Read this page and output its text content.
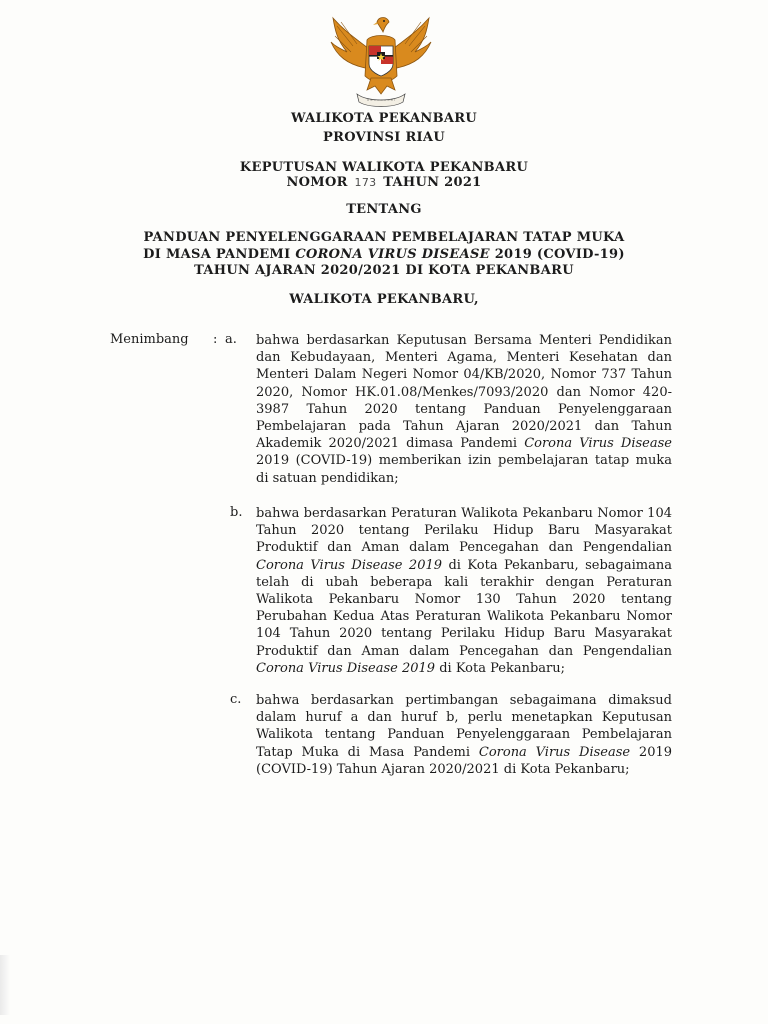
WALIKOTA PEKANBARU
PROVINSI RIAU
KEPUTUSAN WALIKOTA PEKANBARU
NOMOR 173 TAHUN 2021
TENTANG
PANDUAN PENYELENGGARAAN PEMBELAJARAN TATAP MUKA
DI MASA PANDEMI CORONA VIRUS DISEASE 2019 (COVID-19)
TAHUN AJARAN 2020/2021 DI KOTA PEKANBARU
WALIKOTA PEKANBARU,
Menimbang : a. bahwa berdasarkan Keputusan Bersama Menteri Pendidikan dan Kebudayaan, Menteri Agama, Menteri Kesehatan dan Menteri Dalam Negeri Nomor 04/KB/2020, Nomor 737 Tahun 2020, Nomor HK.01.08/Menkes/7093/2020 dan Nomor 420-3987 Tahun 2020 tentang Panduan Penyelenggaraan Pembelajaran pada Tahun Ajaran 2020/2021 dan Tahun Akademik 2020/2021 dimasa Pandemi Corona Virus Disease 2019 (COVID-19) memberikan izin pembelajaran tatap muka di satuan pendidikan;
b. bahwa berdasarkan Peraturan Walikota Pekanbaru Nomor 104 Tahun 2020 tentang Perilaku Hidup Baru Masyarakat Produktif dan Aman dalam Pencegahan dan Pengendalian Corona Virus Disease 2019 di Kota Pekanbaru, sebagaimana telah di ubah beberapa kali terakhir dengan Peraturan Walikota Pekanbaru Nomor 130 Tahun 2020 tentang Perubahan Kedua Atas Peraturan Walikota Pekanbaru Nomor 104 Tahun 2020 tentang Perilaku Hidup Baru Masyarakat Produktif dan Aman dalam Pencegahan dan Pengendalian Corona Virus Disease 2019 di Kota Pekanbaru;
c. bahwa berdasarkan pertimbangan sebagaimana dimaksud dalam huruf a dan huruf b, perlu menetapkan Keputusan Walikota tentang Panduan Penyelenggaraan Pembelajaran Tatap Muka di Masa Pandemi Corona Virus Disease 2019 (COVID-19) Tahun Ajaran 2020/2021 di Kota Pekanbaru;
